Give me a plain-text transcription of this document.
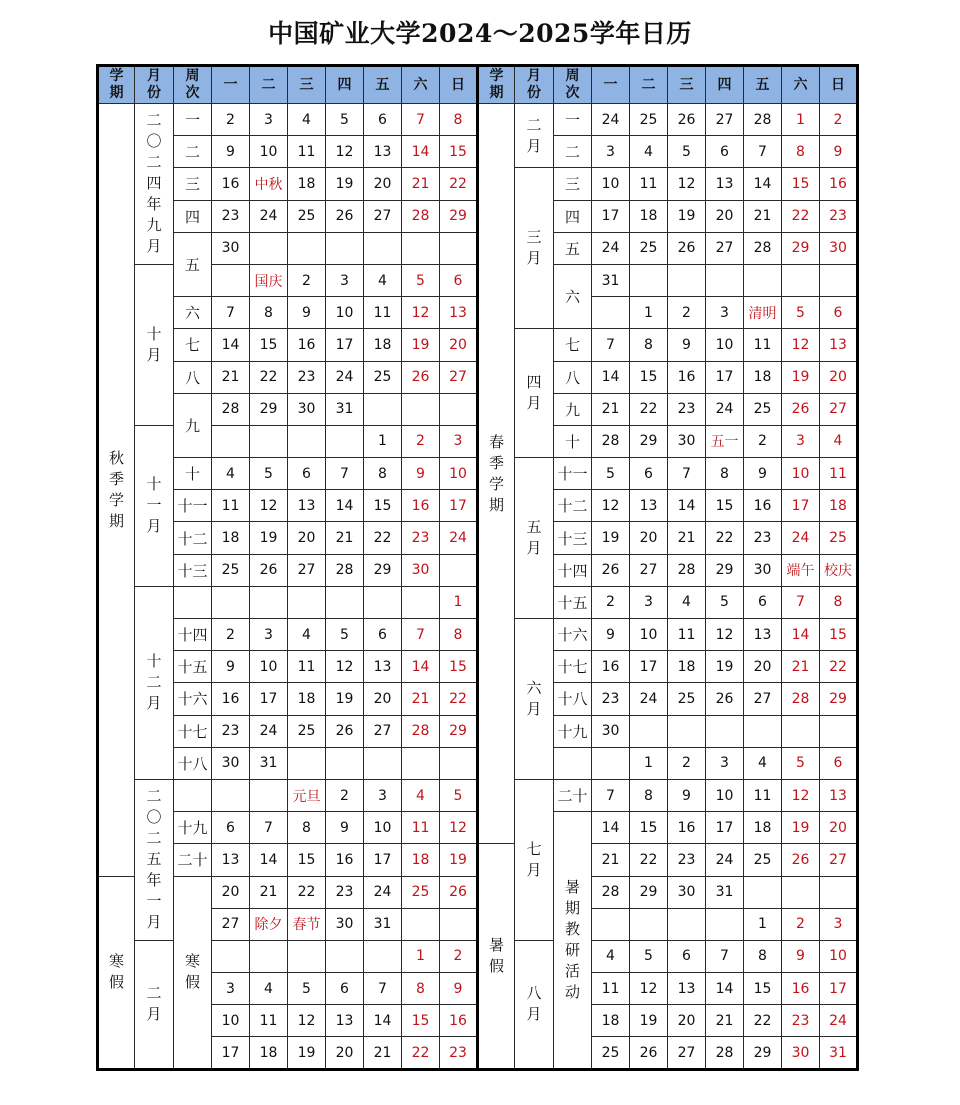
中国矿业大学2024～2025学年日历
学期	月份	周次	一	二	三	四	五	六	日	学期	月份	周次	一	二	三	四	五	六	日
秋季学期	二〇二四年九月	一	2	3	4	5	6	7	8	春季学期	二月	一	24	25	26	27	28	1	2
		二	9	10	11	12	13	14	15			二	3	4	5	6	7	8	9
		三	16	中秋	18	19	20	21	22		三月	三	10	11	12	13	14	15	16
		四	23	24	25	26	27	28	29			四	17	18	19	20	21	22	23
		五	30									五	24	25	26	27	28	29	30
	十月			国庆	2	3	4	5	6			六	31						
		六	7	8	9	10	11	12	13					1	2	3	清明	5	6
		七	14	15	16	17	18	19	20		四月	七	7	8	9	10	11	12	13
		八	21	22	23	24	25	26	27			八	14	15	16	17	18	19	20
		九	28	29	30	31						九	21	22	23	24	25	26	27
	十一月						1	2	3			十	28	29	30	五一	2	3	4
		十	4	5	6	7	8	9	10		五月	十一	5	6	7	8	9	10	11
		十一	11	12	13	14	15	16	17			十二	12	13	14	15	16	17	18
		十二	18	19	20	21	22	23	24			十三	19	20	21	22	23	24	25
		十三	25	26	27	28	29	30				十四	26	27	28	29	30	端午	校庆
	十二月								1			十五	2	3	4	5	6	7	8
		十四	2	3	4	5	6	7	8		六月	十六	9	10	11	12	13	14	15
		十五	9	10	11	12	13	14	15			十七	16	17	18	19	20	21	22
		十六	16	17	18	19	20	21	22			十八	23	24	25	26	27	28	29
		十七	23	24	25	26	27	28	29			十九	30						
		十八	30	31										1	2	3	4	5	6
	二〇二五年一月				元旦	2	3	4	5		七月	二十	7	8	9	10	11	12	13
		十九	6	7	8	9	10	11	12			暑期教研活动	14	15	16	17	18	19	20
		二十	13	14	15	16	17	18	19	暑假			21	22	23	24	25	26	27
寒假		寒假	20	21	22	23	24	25	26				28	29	30	31			
			27	除夕	春节	30	31										1	2	3
	二月							1	2		八月		4	5	6	7	8	9	10
			3	4	5	6	7	8	9				11	12	13	14	15	16	17
			10	11	12	13	14	15	16				18	19	20	21	22	23	24
			17	18	19	20	21	22	23				25	26	27	28	29	30	31
